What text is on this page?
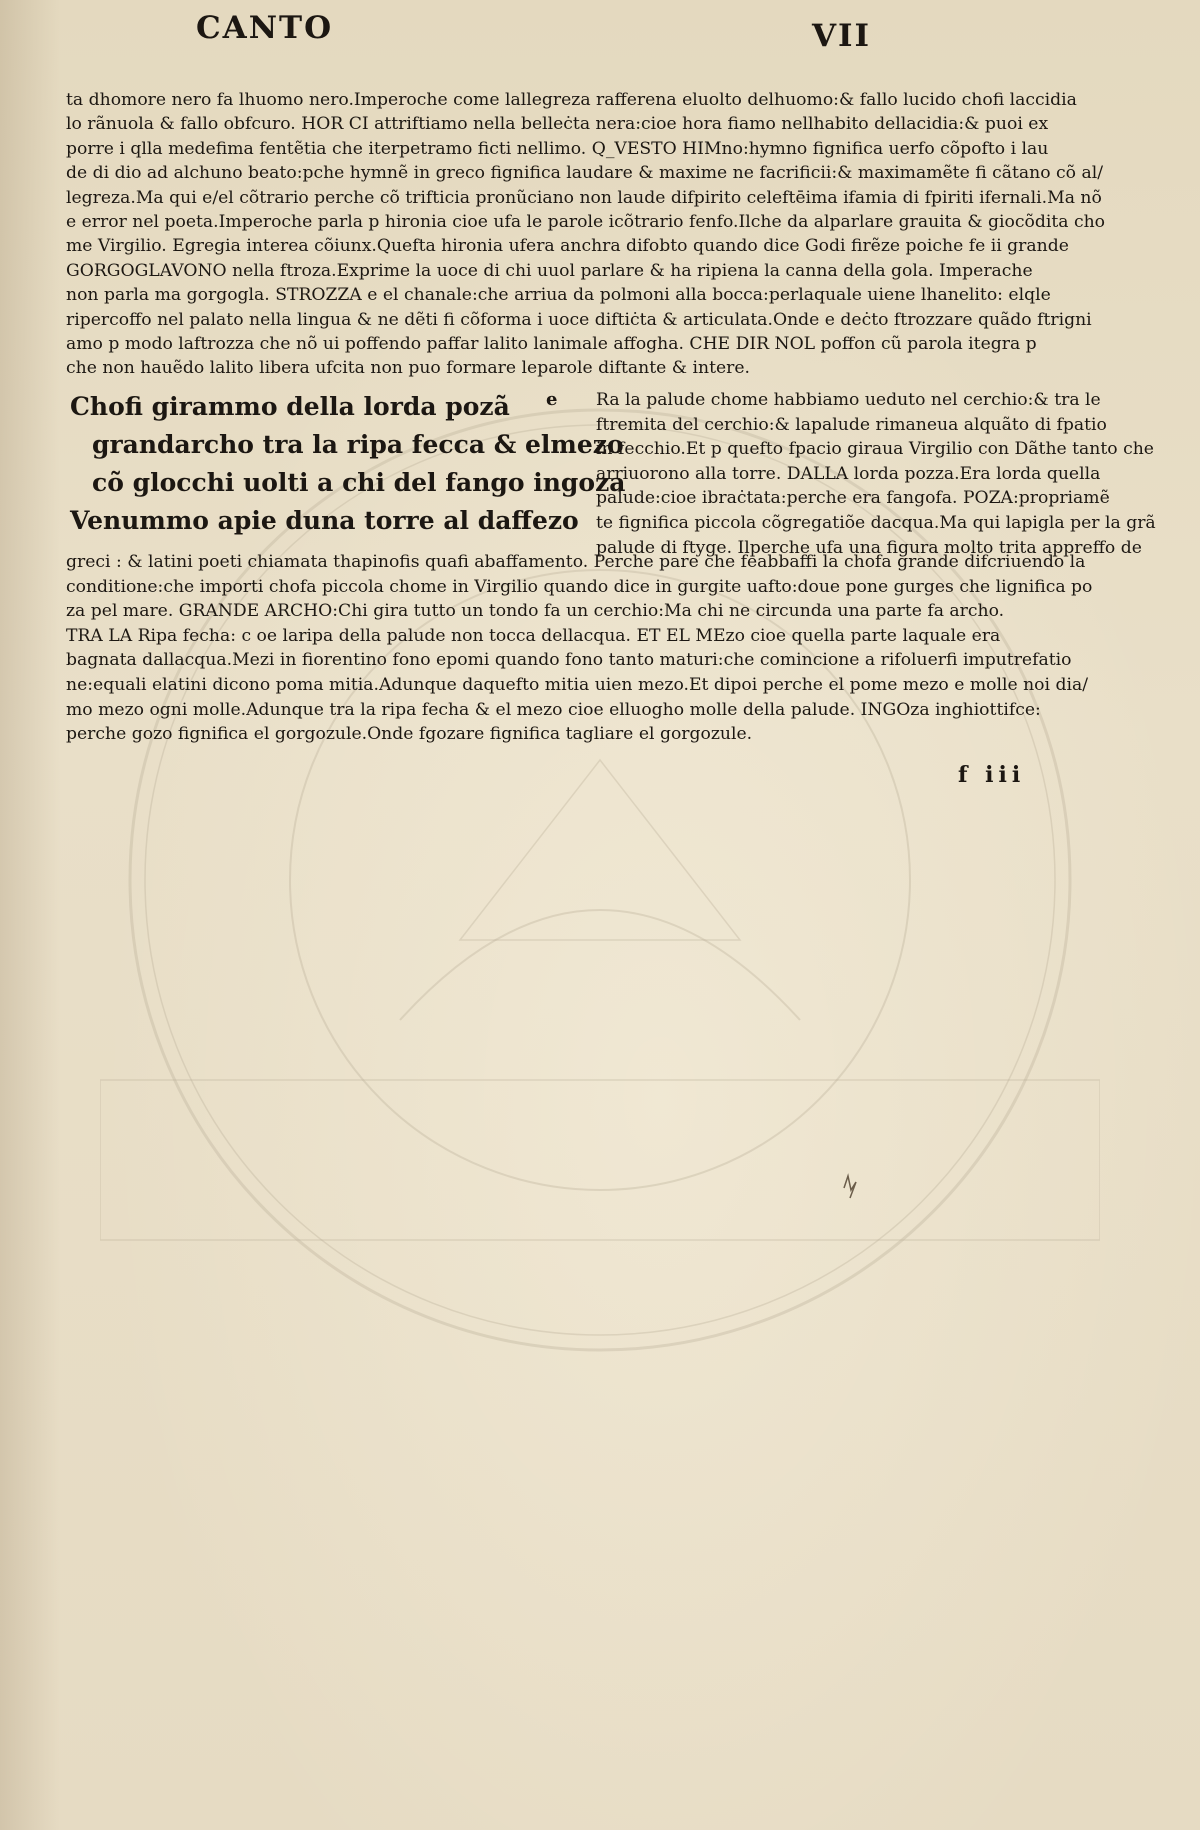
CANTO	VII
ta dhomore nero fa lhuomo nero.Imperoche come lallegreza rafferena eluolto delhuomo:& fallo lucido chofi laccidia
lo rãnuola & fallo obfcuro. HOR CI attriftiamo nella belleċta nera:cioe hora fiamo nellhabito dellacidia:& puoi ex
porre i qlla medefima fentẽtia che iterpetramo ficti nellimo. Q_VESTO HIMno:hymno fignifica uerfo cõpofto i lau
de di dio ad alchuno beato:pche hymnẽ in greco fignifica laudare & maxime ne facrificii:& maximamẽte fi cãtano cõ al/
legreza.Ma qui e/el cõtrario perche cõ trifticia pronũciano non laude difpirito celeftēima ifamia di fpiriti ifernali.Ma nõ
e error nel poeta.Imperoche parla p hironia cioe ufa le parole icõtrario fenfo.Ilche da alparlare grauita & giocõdita cho
me Virgilio. Egregia interea cõiunx.Quefta hironia ufera anchra difobto quando dice Godi firẽze poiche fe ii grande
GORGOGLAVONO nella ftroza.Exprime la uoce di chi uuol parlare & ha ripiena la canna della gola. Imperache
non parla ma gorgogla. STROZZA e el chanale:che arriua da polmoni alla bocca:perlaquale uiene lhanelito: elqle
ripercoffo nel palato nella lingua & ne dẽti fi cõforma i uoce diftiċta & articulata.Onde e deċto ftrozzare quãdo ftrigni
amo p modo laftrozza che nõ ui poffendo paffar lalito lanimale affogha. CHE DIR NOL poffon cũ parola itegra p
che non hauẽdo lalito libera ufcita non puo formare leparole diftante & intere.
Chofi girammo della lorda pozã
grandarcho tra la ripa fecca & elmezo
cõ glocchi uolti a chi del fango ingoza
Venummo apie duna torre al daffezo
e	Ra la palude chome habbiamo ueduto nel cerchio:& tra le
ftremita del cerchio:& lapalude rimaneua alquãto di fpatio
in fecchio.Et p quefto fpacio giraua Virgilio con Dãthe tanto che
arriuorono alla torre. DALLA lorda pozza.Era lorda quella
palude:cioe ibraċtata:perche era fangofa. POZA:propriamẽ
te fignifica piccola cõgregatiõe dacqua.Ma qui lapigla per la grã
palude di ftyge. Ilperche ufa una figura molto trita appreffo de
greci : & latini poeti chiamata thapinofis quafi abaffamento. Perche pare che feabbaffi la chofa grande difcriuendo la
conditione:che importi chofa piccola chome in Virgilio quando dice in gurgite uafto:doue pone gurges che lignifica po
za pel mare. GRANDE ARCHO:Chi gira tutto un tondo fa un cerchio:Ma chi ne circunda una parte fa archo.
TRA LA Ripa fecha: c oe laripa della palude non tocca dellacqua. ET EL MEzo cioe quella parte laquale era
bagnata dallacqua.Mezi in fiorentino fono epomi quando fono tanto maturi:che comincione a rifoluerfi imputrefatio
ne:equali elatini dicono poma mitia.Adunque daquefto mitia uien mezo.Et dipoi perche el pome mezo e molle noi dia/
mo mezo ogni molle.Adunque tra la ripa fecha & el mezo cioe elluogho molle della palude. INGOza inghiottifce:
perche gozo fignifica el gorgozule.Onde fgozare fignifica tagliare el gorgozule.
f iii
